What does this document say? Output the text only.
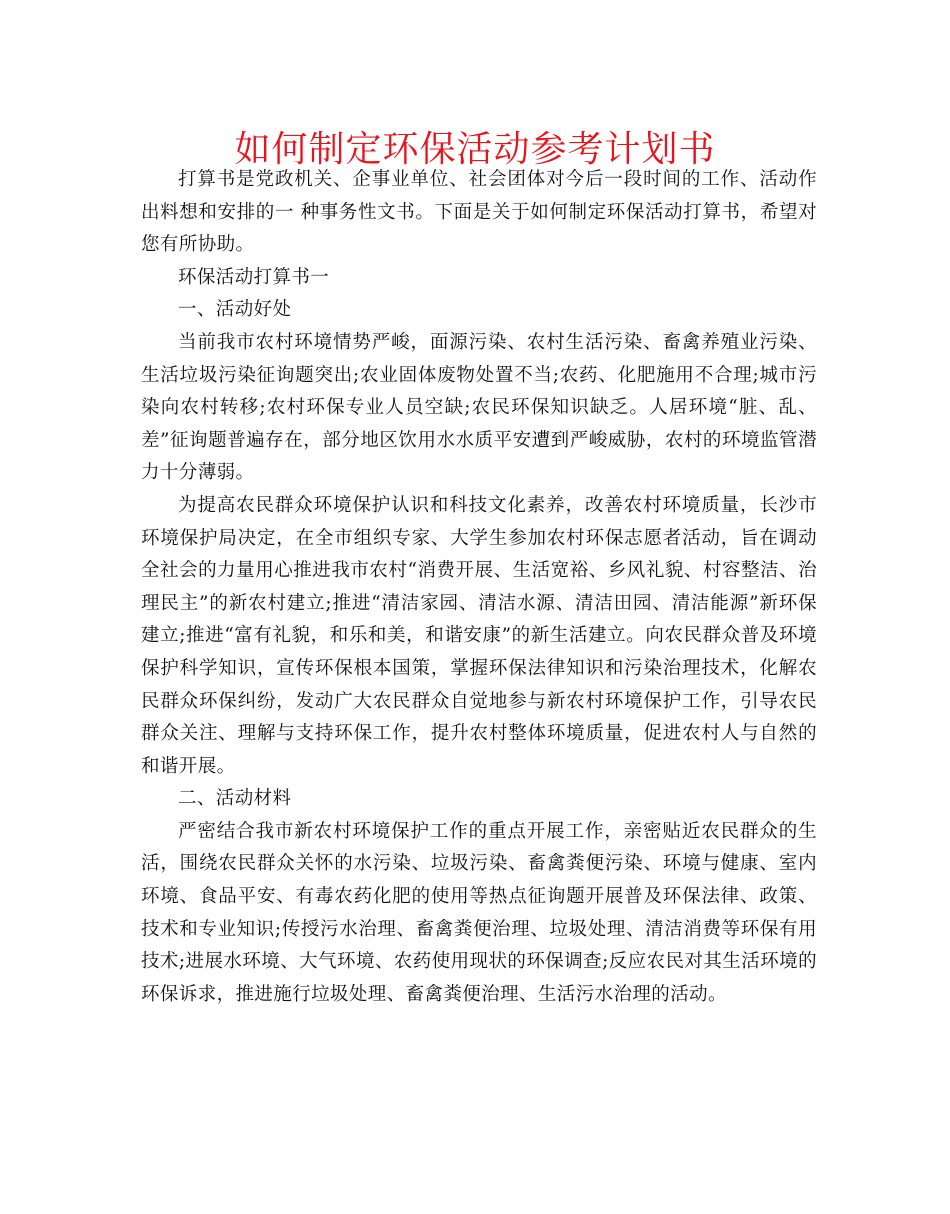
如何制定环保活动参考计划书

打算书是党政机关、企事业单位、社会团体对今后一段时间的工作、活动作出料想和安排的一 种事务性文书。下面是关于如何制定环保活动打算书，希望对您有所协助。

环保活动打算书一

一、活动好处

当前我市农村环境情势严峻，面源污染、农村生活污染、畜禽养殖业污染、生活垃圾污染征询题突出;农业固体废物处置不当;农药、化肥施用不合理;城市污染向农村转移;农村环保专业人员空缺;农民环保知识缺乏。人居环境“脏、乱、差”征询题普遍存在，部分地区饮用水水质平安遭到严峻威胁，农村的环境监管潜力十分薄弱。

为提高农民群众环境保护认识和科技文化素养，改善农村环境质量，长沙市环境保护局决定，在全市组织专家、大学生参加农村环保志愿者活动，旨在调动全社会的力量用心推进我市农村“消费开展、生活宽裕、乡风礼貌、村容整洁、治理民主”的新农村建立;推进“清洁家园、清洁水源、清洁田园、清洁能源”新环保建立;推进“富有礼貌，和乐和美，和谐安康”的新生活建立。向农民群众普及环境保护科学知识，宣传环保根本国策，掌握环保法律知识和污染治理技术，化解农民群众环保纠纷，发动广大农民群众自觉地参与新农村环境保护工作，引导农民群众关注、理解与支持环保工作，提升农村整体环境质量，促进农村人与自然的和谐开展。

二、活动材料

严密结合我市新农村环境保护工作的重点开展工作，亲密贴近农民群众的生活，围绕农民群众关怀的水污染、垃圾污染、畜禽粪便污染、环境与健康、室内环境、食品平安、有毒农药化肥的使用等热点征询题开展普及环保法律、政策、技术和专业知识;传授污水治理、畜禽粪便治理、垃圾处理、清洁消费等环保有用技术;进展水环境、大气环境、农药使用现状的环保调查;反应农民对其生活环境的环保诉求，推进施行垃圾处理、畜禽粪便治理、生活污水治理的活动。
